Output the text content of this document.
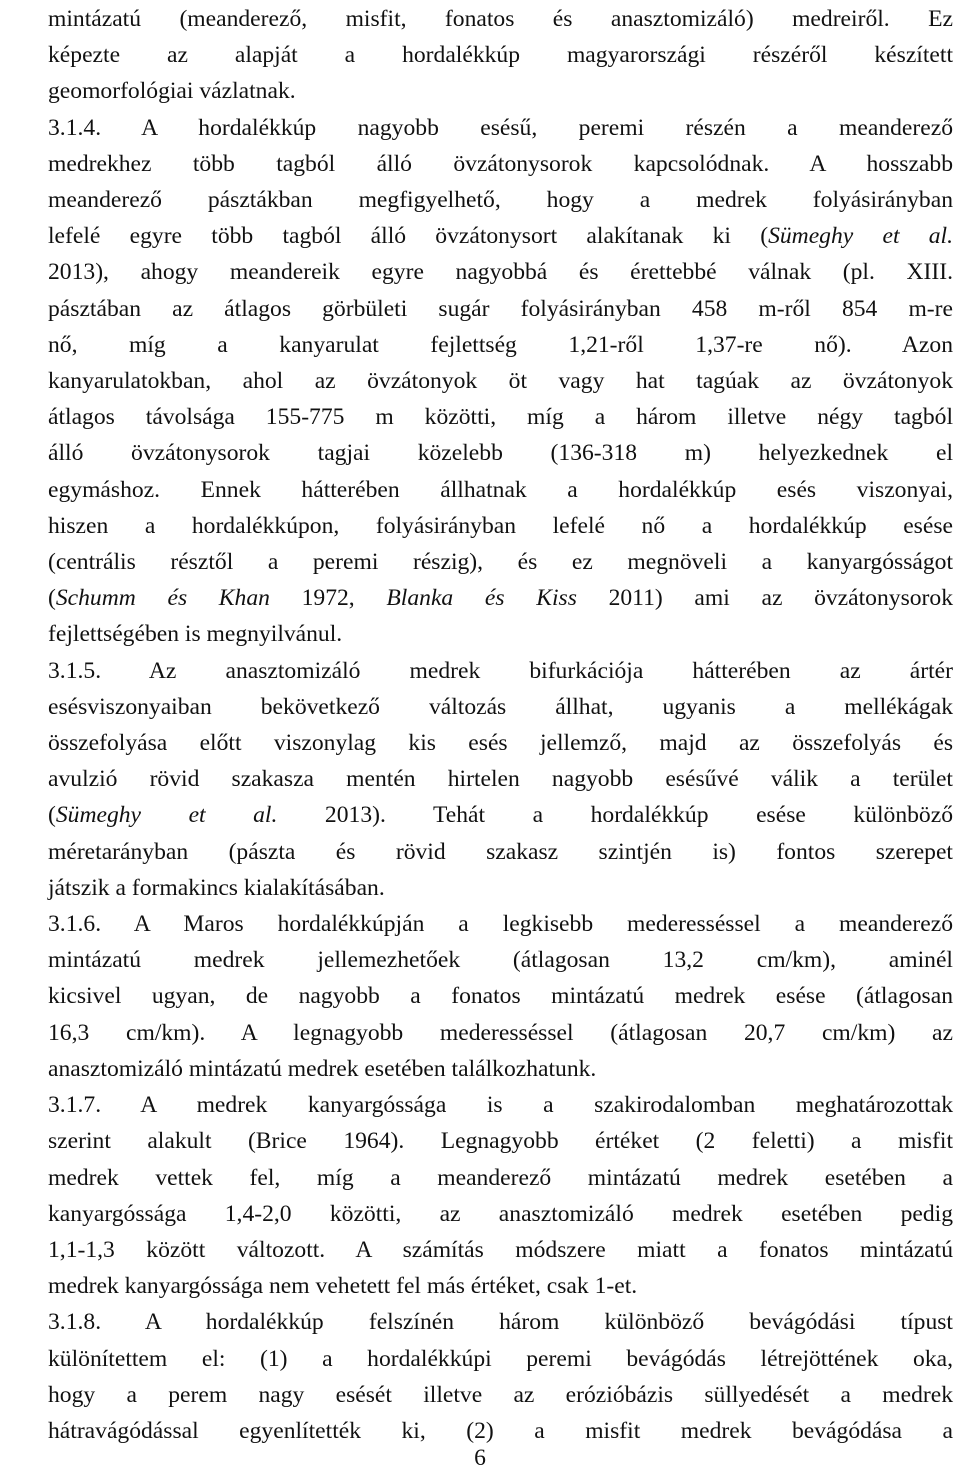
mintázatú (meanderező, misfit, fonatos és anasztomizáló) medreiről. Ez
képezte az alapját a hordalékkúp magyarországi részéről készített
geomorfológiai vázlatnak.
3.1.4. A hordalékkúp nagyobb esésű, peremi részén a meanderező
medrekhez több tagból álló övzátonysorok kapcsolódnak. A hosszabb
meanderező pásztákban megfigyelhető, hogy a medrek folyásirányban
lefelé egyre több tagból álló övzátonysort alakítanak ki (Sümeghy et al.
2013), ahogy meandereik egyre nagyobbá és érettebbé válnak (pl. XIII.
pásztában az átlagos görbületi sugár folyásirányban 458 m-ről 854 m-re
nő, míg a kanyarulat fejlettség 1,21-ről 1,37-re nő). Azon
kanyarulatokban, ahol az övzátonyok öt vagy hat tagúak az övzátonyok
átlagos távolsága 155-775 m közötti, míg a három illetve négy tagból
álló övzátonysorok tagjai közelebb (136-318 m) helyezkednek el
egymáshoz. Ennek hátterében állhatnak a hordalékkúp esés viszonyai,
hiszen a hordalékkúpon, folyásirányban lefelé nő a hordalékkúp esése
(centrális résztől a peremi részig), és ez megnöveli a kanyargósságot
(Schumm és Khan 1972, Blanka és Kiss 2011) ami az övzátonysorok
fejlettségében is megnyilvánul.
3.1.5. Az anasztomizáló medrek bifurkációja hátterében az ártér
esésviszonyaiban bekövetkező változás állhat, ugyanis a mellékágak
összefolyása előtt viszonylag kis esés jellemző, majd az összefolyás és
avulzió rövid szakasza mentén hirtelen nagyobb esésűvé válik a terület
(Sümeghy et al. 2013). Tehát a hordalékkúp esése különböző
méretarányban (pászta és rövid szakasz szintjén is) fontos szerepet
játszik a formakincs kialakításában.
3.1.6. A Maros hordalékkúpján a legkisebb mederesséssel a meanderező
mintázatú medrek jellemezhetőek (átlagosan 13,2 cm/km), aminél
kicsivel ugyan, de nagyobb a fonatos mintázatú medrek esése (átlagosan
16,3 cm/km). A legnagyobb mederesséssel (átlagosan 20,7 cm/km) az
anasztomizáló mintázatú medrek esetében találkozhatunk.
3.1.7. A medrek kanyargóssága is a szakirodalomban meghatározottak
szerint alakult (Brice 1964). Legnagyobb értéket (2 feletti) a misfit
medrek vettek fel, míg a meanderező mintázatú medrek esetében a
kanyargóssága 1,4-2,0 közötti, az anasztomizáló medrek esetében pedig
1,1-1,3 között változott. A számítás módszere miatt a fonatos mintázatú
medrek kanyargóssága nem vehetett fel más értéket, csak 1-et.
3.1.8. A hordalékkúp felszínén három különböző bevágódási típust
különítettem el: (1) a hordalékkúpi peremi bevágódás létrejöttének oka,
hogy a perem nagy esését illetve az erózióbázis süllyedését a medrek
hátravágódással egyenlítették ki, (2) a misfit medrek bevágódása a
6
